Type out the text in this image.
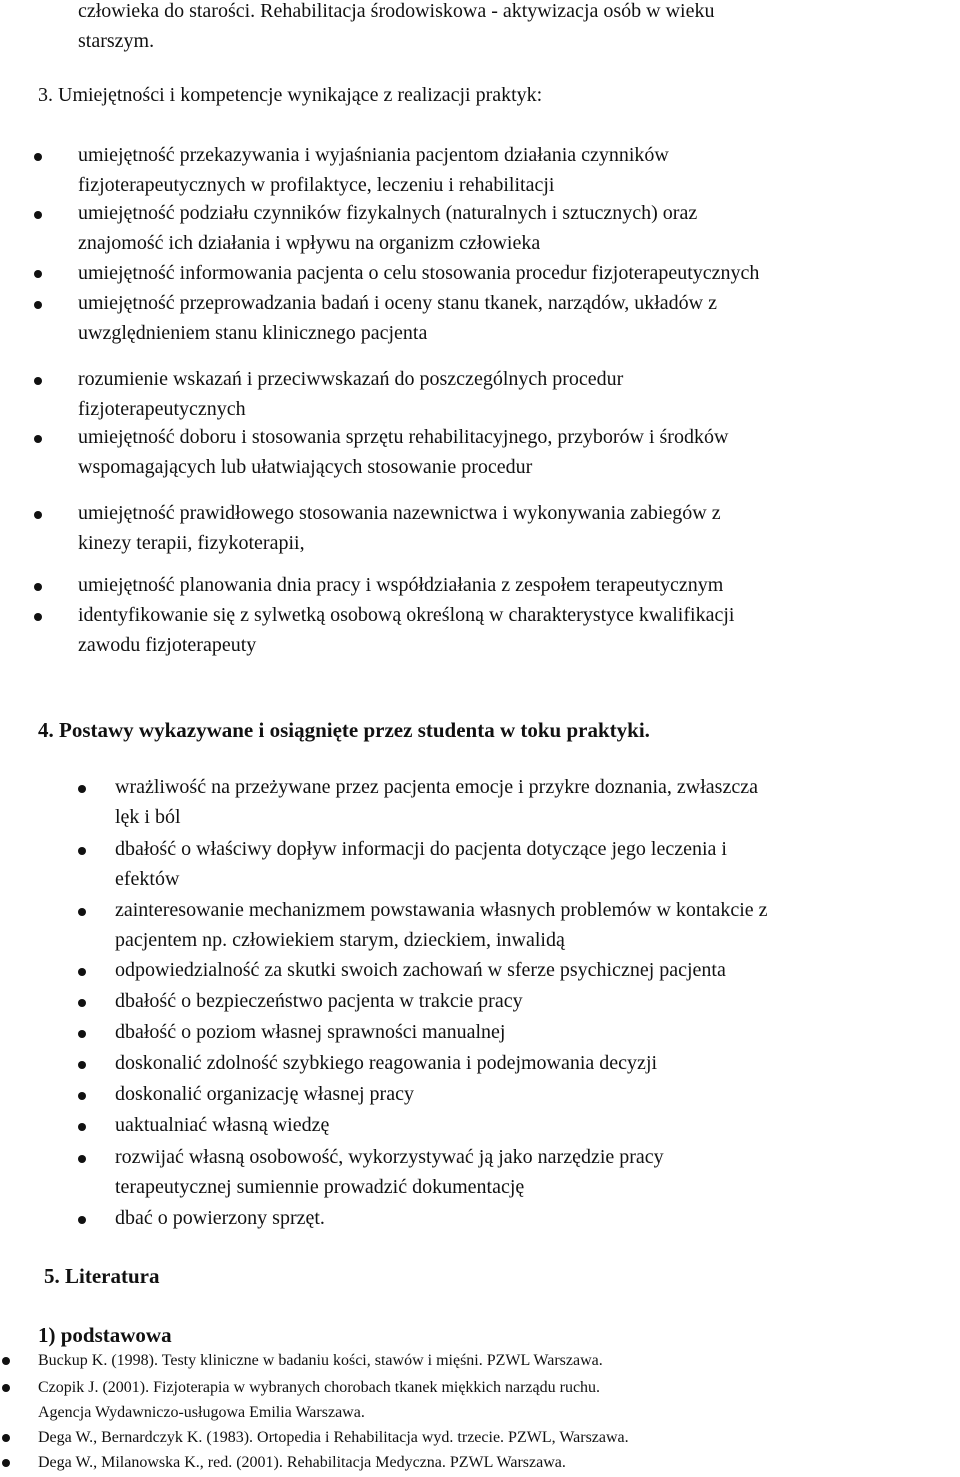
człowieka do starości. Rehabilitacja środowiskowa - aktywizacja osób w wieku

starszym.

3. Umiejętności i kompetencje wynikające z realizacji praktyk:

umiejętność przekazywania i wyjaśniania pacjentom działania czynników

fizjoterapeutycznych w profilaktyce, leczeniu i rehabilitacji

umiejętność podziału czynników fizykalnych (naturalnych i sztucznych) oraz

znajomość ich działania i wpływu na organizm człowieka

umiejętność informowania pacjenta o celu stosowania procedur fizjoterapeutycznych

umiejętność przeprowadzania badań i oceny stanu tkanek, narządów, układów z

uwzględnieniem stanu klinicznego pacjenta

rozumienie wskazań i przeciwwskazań do poszczególnych procedur

fizjoterapeutycznych

umiejętność doboru i stosowania sprzętu rehabilitacyjnego, przyborów i środków

wspomagających lub ułatwiających stosowanie procedur

umiejętność prawidłowego stosowania nazewnictwa i wykonywania zabiegów z

kinezy terapii, fizykoterapii,

umiejętność planowania dnia pracy i współdziałania z zespołem terapeutycznym

identyfikowanie się z sylwetką osobową określoną w charakterystyce kwalifikacji

zawodu fizjoterapeuty

4. Postawy wykazywane i osiągnięte przez studenta w toku praktyki.

wrażliwość na przeżywane przez pacjenta emocje i przykre doznania, zwłaszcza

lęk i ból

dbałość o właściwy dopływ informacji do pacjenta dotyczące jego leczenia i

efektów

zainteresowanie mechanizmem powstawania własnych problemów w kontakcie z

pacjentem np. człowiekiem starym, dzieckiem, inwalidą

odpowiedzialność za skutki swoich zachowań w sferze psychicznej pacjenta

dbałość o bezpieczeństwo pacjenta w trakcie pracy

dbałość o poziom własnej sprawności manualnej

doskonalić zdolność szybkiego reagowania i podejmowania decyzji

doskonalić organizację własnej pracy

uaktualniać własną wiedzę

rozwijać własną osobowość, wykorzystywać ją jako narzędzie pracy

terapeutycznej sumiennie prowadzić dokumentację

dbać o powierzony sprzęt.

5. Literatura
1) podstawowa

Buckup K. (1998). Testy kliniczne w badaniu kości, stawów i mięśni. PZWL Warszawa.

Czopik J. (2001). Fizjoterapia w wybranych chorobach tkanek miękkich narządu ruchu.

Agencja Wydawniczo-usługowa Emilia Warszawa.

Dega W., Bernardczyk K. (1983). Ortopedia i Rehabilitacja wyd. trzecie. PZWL, Warszawa.

Dega W., Milanowska K., red. (2001). Rehabilitacja Medyczna. PZWL Warszawa.
